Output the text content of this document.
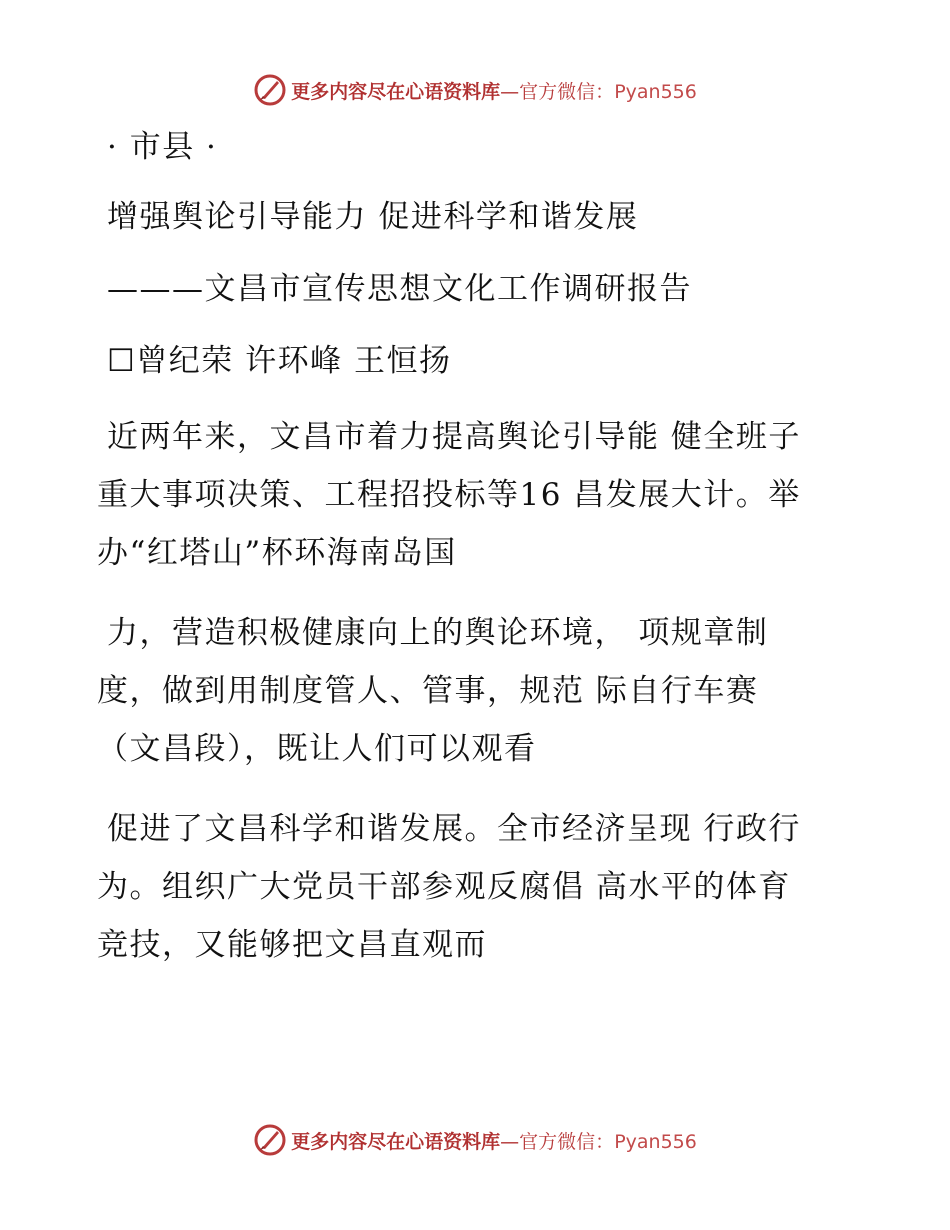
更多内容尽在心语资料库—官方微信：Pyan556

· 市县 ·

增强舆论引导能力 促进科学和谐发展

———文昌市宣传思想文化工作调研报告

☐曾纪荣 许环峰 王恒扬

近两年来，文昌市着力提高舆论引导能 健全班子

重大事项决策、工程招投标等16 昌发展大计。举

办“红塔山”杯环海南岛国

力，营造积极健康向上的舆论环境， 项规章制

度，做到用制度管人、管事，规范 际自行车赛

（文昌段），既让人们可以观看

促进了文昌科学和谐发展。全市经济呈现 行政行

为。组织广大党员干部参观反腐倡 高水平的体育

竞技，又能够把文昌直观而

更多内容尽在心语资料库—官方微信：Pyan556
